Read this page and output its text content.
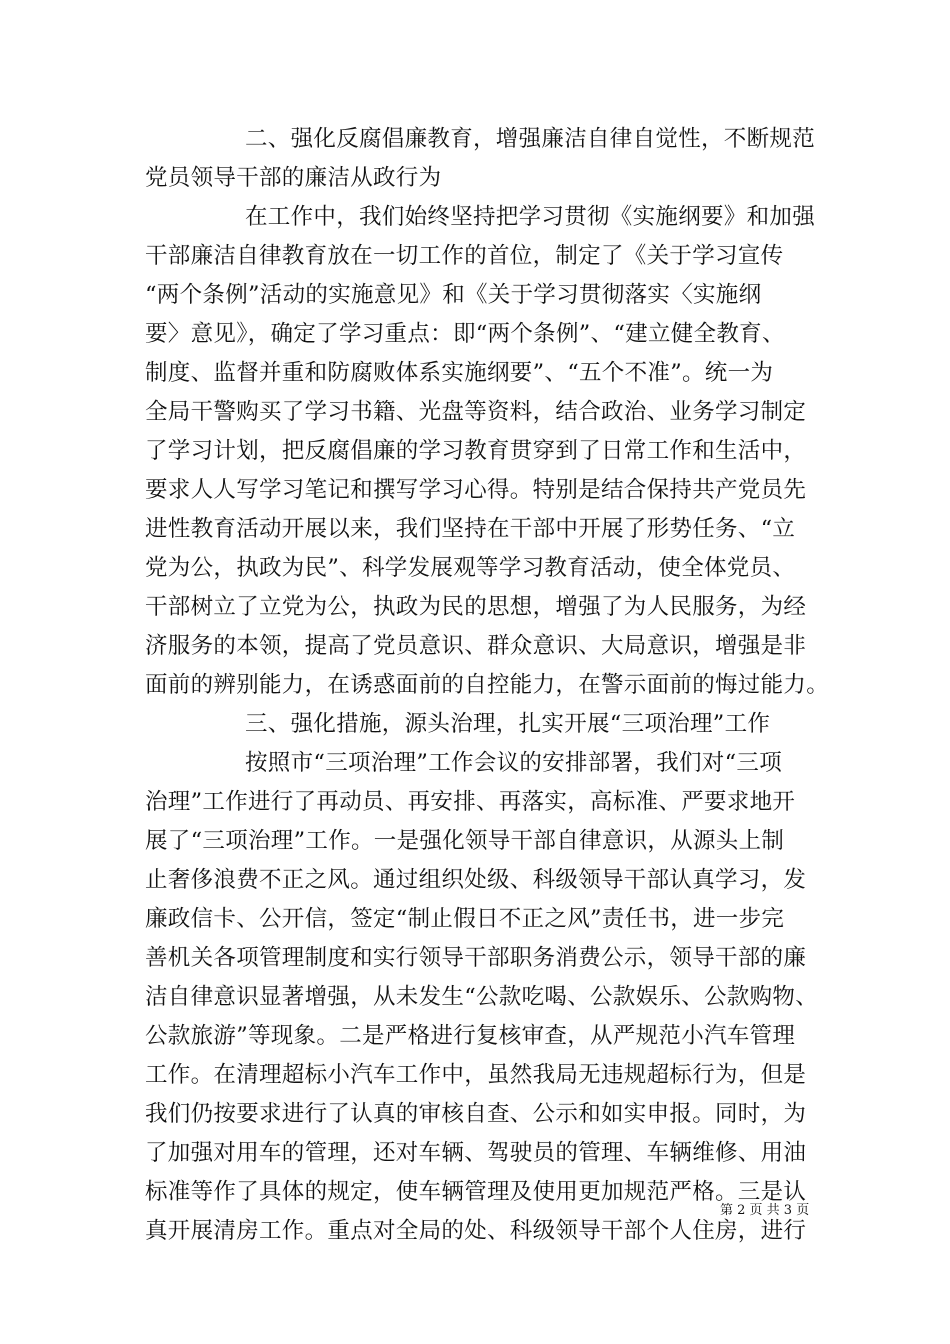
二、强化反腐倡廉教育，增强廉洁自律自觉性，不断规范
党员领导干部的廉洁从政行为
在工作中，我们始终坚持把学习贯彻《实施纲要》和加强
干部廉洁自律教育放在一切工作的首位，制定了《关于学习宣传
“两个条例”活动的实施意见》和《关于学习贯彻落实〈实施纲
要〉意见》，确定了学习重点：即“两个条例”、“建立健全教育、
制度、监督并重和防腐败体系实施纲要”、“五个不准”。统一为
全局干警购买了学习书籍、光盘等资料，结合政治、业务学习制定
了学习计划，把反腐倡廉的学习教育贯穿到了日常工作和生活中，
要求人人写学习笔记和撰写学习心得。特别是结合保持共产党员先
进性教育活动开展以来，我们坚持在干部中开展了形势任务、“立
党为公，执政为民”、科学发展观等学习教育活动，使全体党员、
干部树立了立党为公，执政为民的思想，增强了为人民服务，为经
济服务的本领，提高了党员意识、群众意识、大局意识，增强是非
面前的辨别能力，在诱惑面前的自控能力，在警示面前的悔过能力。
三、强化措施，源头治理，扎实开展“三项治理”工作
按照市“三项治理”工作会议的安排部署，我们对“三项
治理”工作进行了再动员、再安排、再落实，高标准、严要求地开
展了“三项治理”工作。一是强化领导干部自律意识，从源头上制
止奢侈浪费不正之风。通过组织处级、科级领导干部认真学习，发
廉政信卡、公开信，签定“制止假日不正之风”责任书，进一步完
善机关各项管理制度和实行领导干部职务消费公示，领导干部的廉
洁自律意识显著增强，从未发生“公款吃喝、公款娱乐、公款购物、
公款旅游”等现象。二是严格进行复核审查，从严规范小汽车管理
工作。在清理超标小汽车工作中，虽然我局无违规超标行为，但是
我们仍按要求进行了认真的审核自查、公示和如实申报。同时，为
了加强对用车的管理，还对车辆、驾驶员的管理、车辆维修、用油
标准等作了具体的规定，使车辆管理及使用更加规范严格。三是认
真开展清房工作。重点对全局的处、科级领导干部个人住房，进行
第 2 页 共 3 页
